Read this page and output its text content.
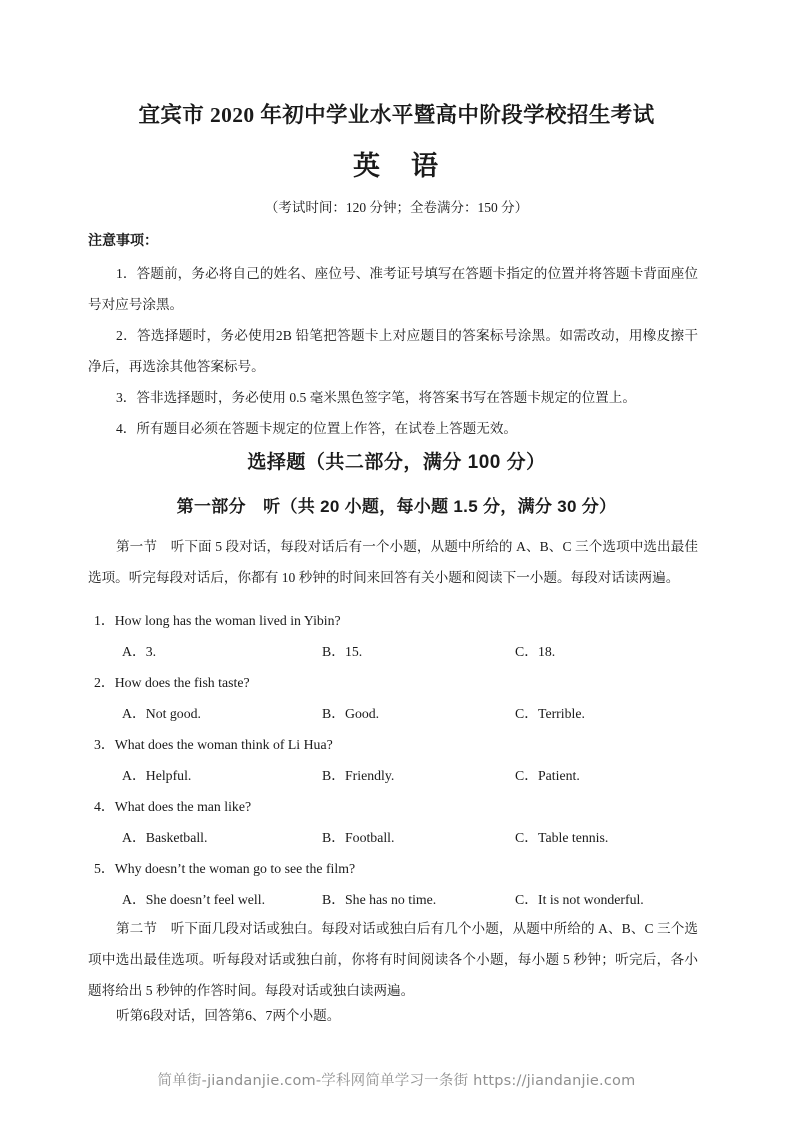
宜宾市 2020 年初中学业水平暨高中阶段学校招生考试
英　语
（考试时间：120 分钟；全卷满分：150 分）
注意事项：

1．答题前，务必将自己的姓名、座位号、准考证号填写在答题卡指定的位置并将答题卡背面座位号对应号涂黑。

2．答选择题时，务必使用2B 铅笔把答题卡上对应题目的答案标号涂黑。如需改动，用橡皮擦干净后，再选涂其他答案标号。

3．答非选择题时，务必使用 0.5 毫米黑色签字笔，将答案书写在答题卡规定的位置上。

4．所有题目必须在答题卡规定的位置上作答，在试卷上答题无效。

选择题（共二部分，满分 100 分）
第一部分　听（共 20 小题，每小题 1.5 分，满分 30 分）
第一节　听下面 5 段对话，每段对话后有一个小题，从题中所给的 A、B、C 三个选项中选出最佳选项。听完每段对话后，你都有 10 秒钟的时间来回答有关小题和阅读下一小题。每段对话读两遍。
1．How long has the woman lived in Yibin?
A．3.	B．15.	C．18.
2．How does the fish taste?
A．Not good.	B．Good.	C．Terrible.
3．What does the woman think of Li Hua?
A．Helpful.	B．Friendly.	C．Patient.
4．What does the man like?
A．Basketball.	B．Football.	C．Table tennis.
5．Why doesn’t the woman go to see the film?
A．She doesn’t feel well.	B．She has no time.	C．It is not wonderful.
第二节　听下面几段对话或独白。每段对话或独白后有几个小题，从题中所给的 A、B、C 三个选项中选出最佳选项。听每段对话或独白前，你将有时间阅读各个小题，每小题 5 秒钟；听完后，各小题将给出 5 秒钟的作答时间。每段对话或独白读两遍。
听第6段对话，回答第6、7两个小题。
简单街-jiandanjie.com-学科网简单学习一条街 https://jiandanjie.com
